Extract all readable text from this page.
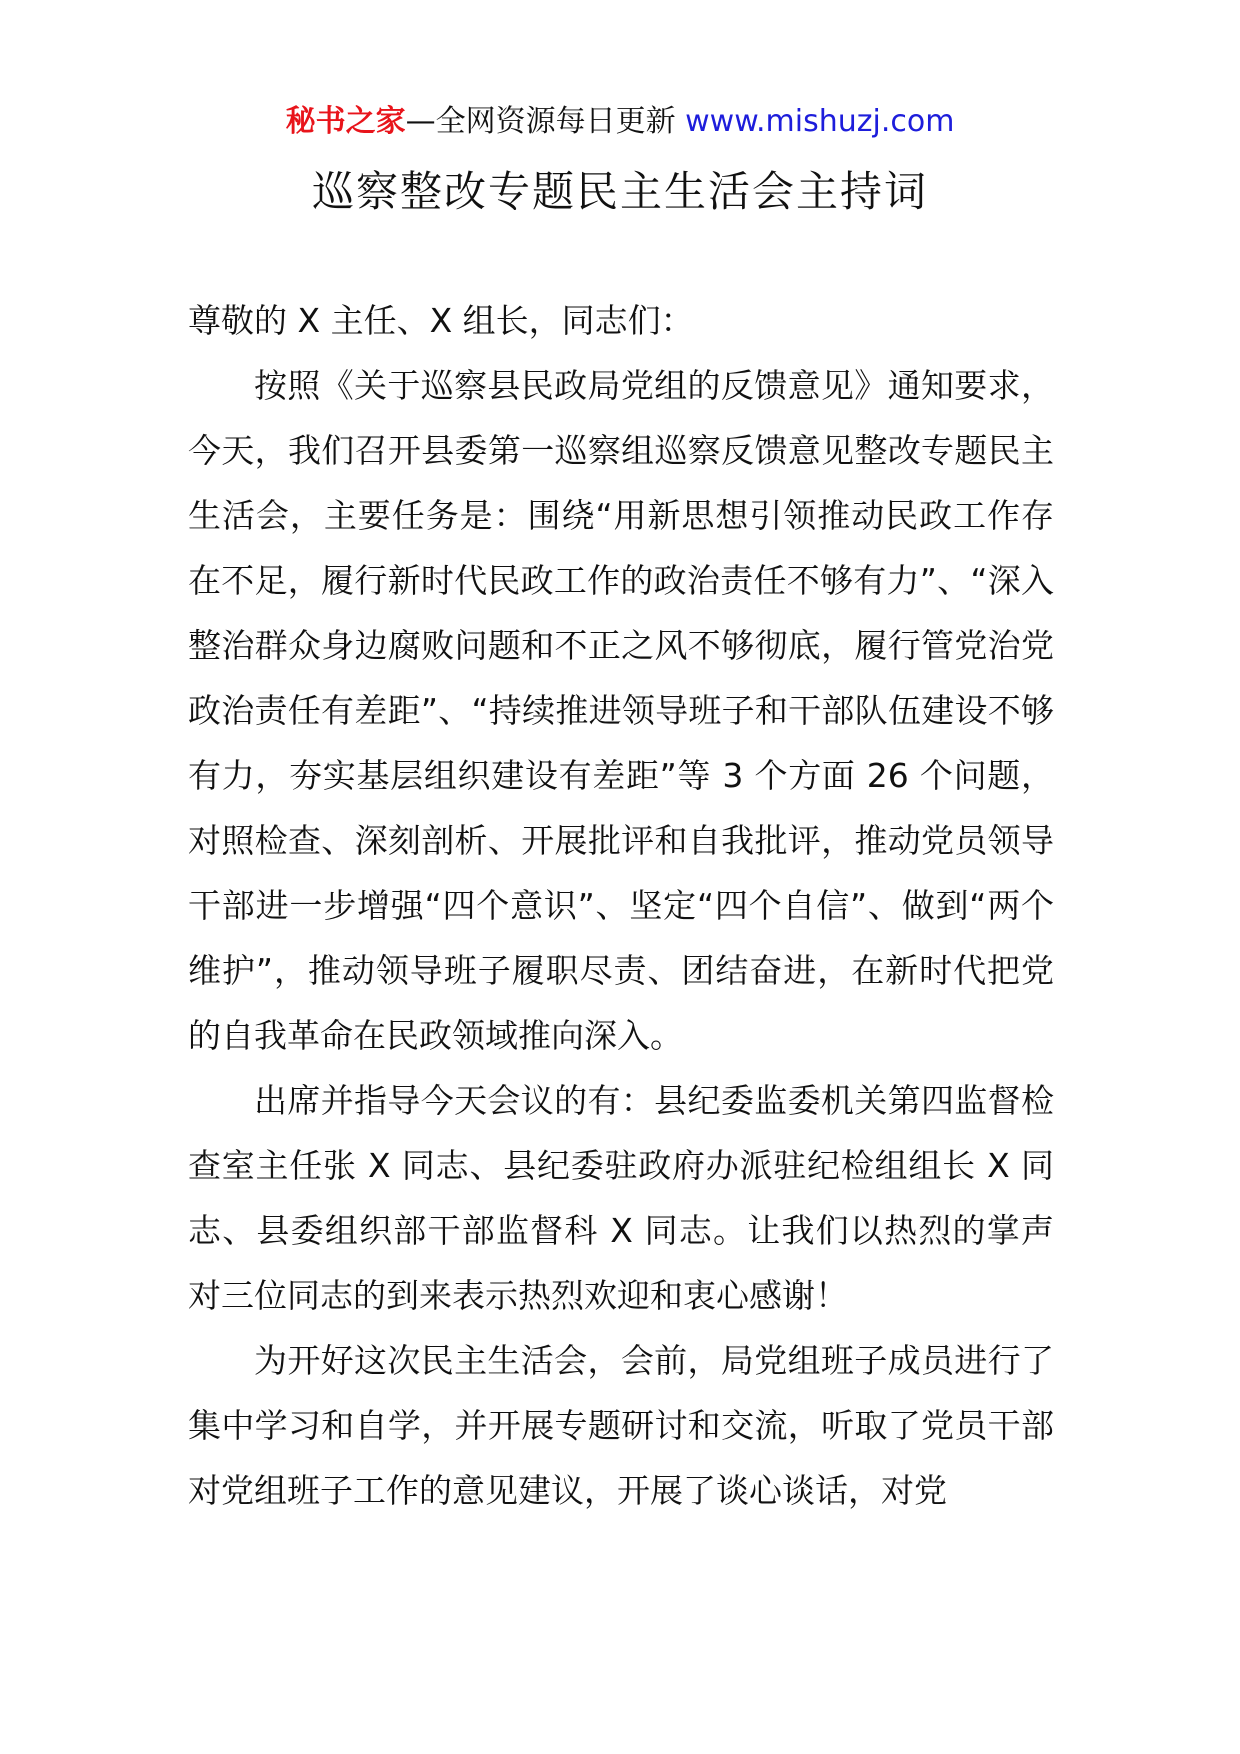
秘书之家—全网资源每日更新 www.mishuzj.com
巡察整改专题民主生活会主持词

尊敬的 X 主任、X 组长，同志们：

按照《关于巡察县民政局党组的反馈意见》通知要求，今天，我们召开县委第一巡察组巡察反馈意见整改专题民主生活会，主要任务是：围绕“用新思想引领推动民政工作存在不足，履行新时代民政工作的政治责任不够有力”、“深入整治群众身边腐败问题和不正之风不够彻底，履行管党治党政治责任有差距”、“持续推进领导班子和干部队伍建设不够有力，夯实基层组织建设有差距”等 3 个方面 26 个问题，对照检查、深刻剖析、开展批评和自我批评，推动党员领导干部进一步增强“四个意识”、坚定“四个自信”、做到“两个维护”，推动领导班子履职尽责、团结奋进，在新时代把党的自我革命在民政领域推向深入。

出席并指导今天会议的有：县纪委监委机关第四监督检查室主任张 X 同志、县纪委驻政府办派驻纪检组组长 X 同志、县委组织部干部监督科 X 同志。让我们以热烈的掌声对三位同志的到来表示热烈欢迎和衷心感谢！

为开好这次民主生活会，会前，局党组班子成员进行了集中学习和自学，并开展专题研讨和交流，听取了党员干部对党组班子工作的意见建议，开展了谈心谈话，对党
